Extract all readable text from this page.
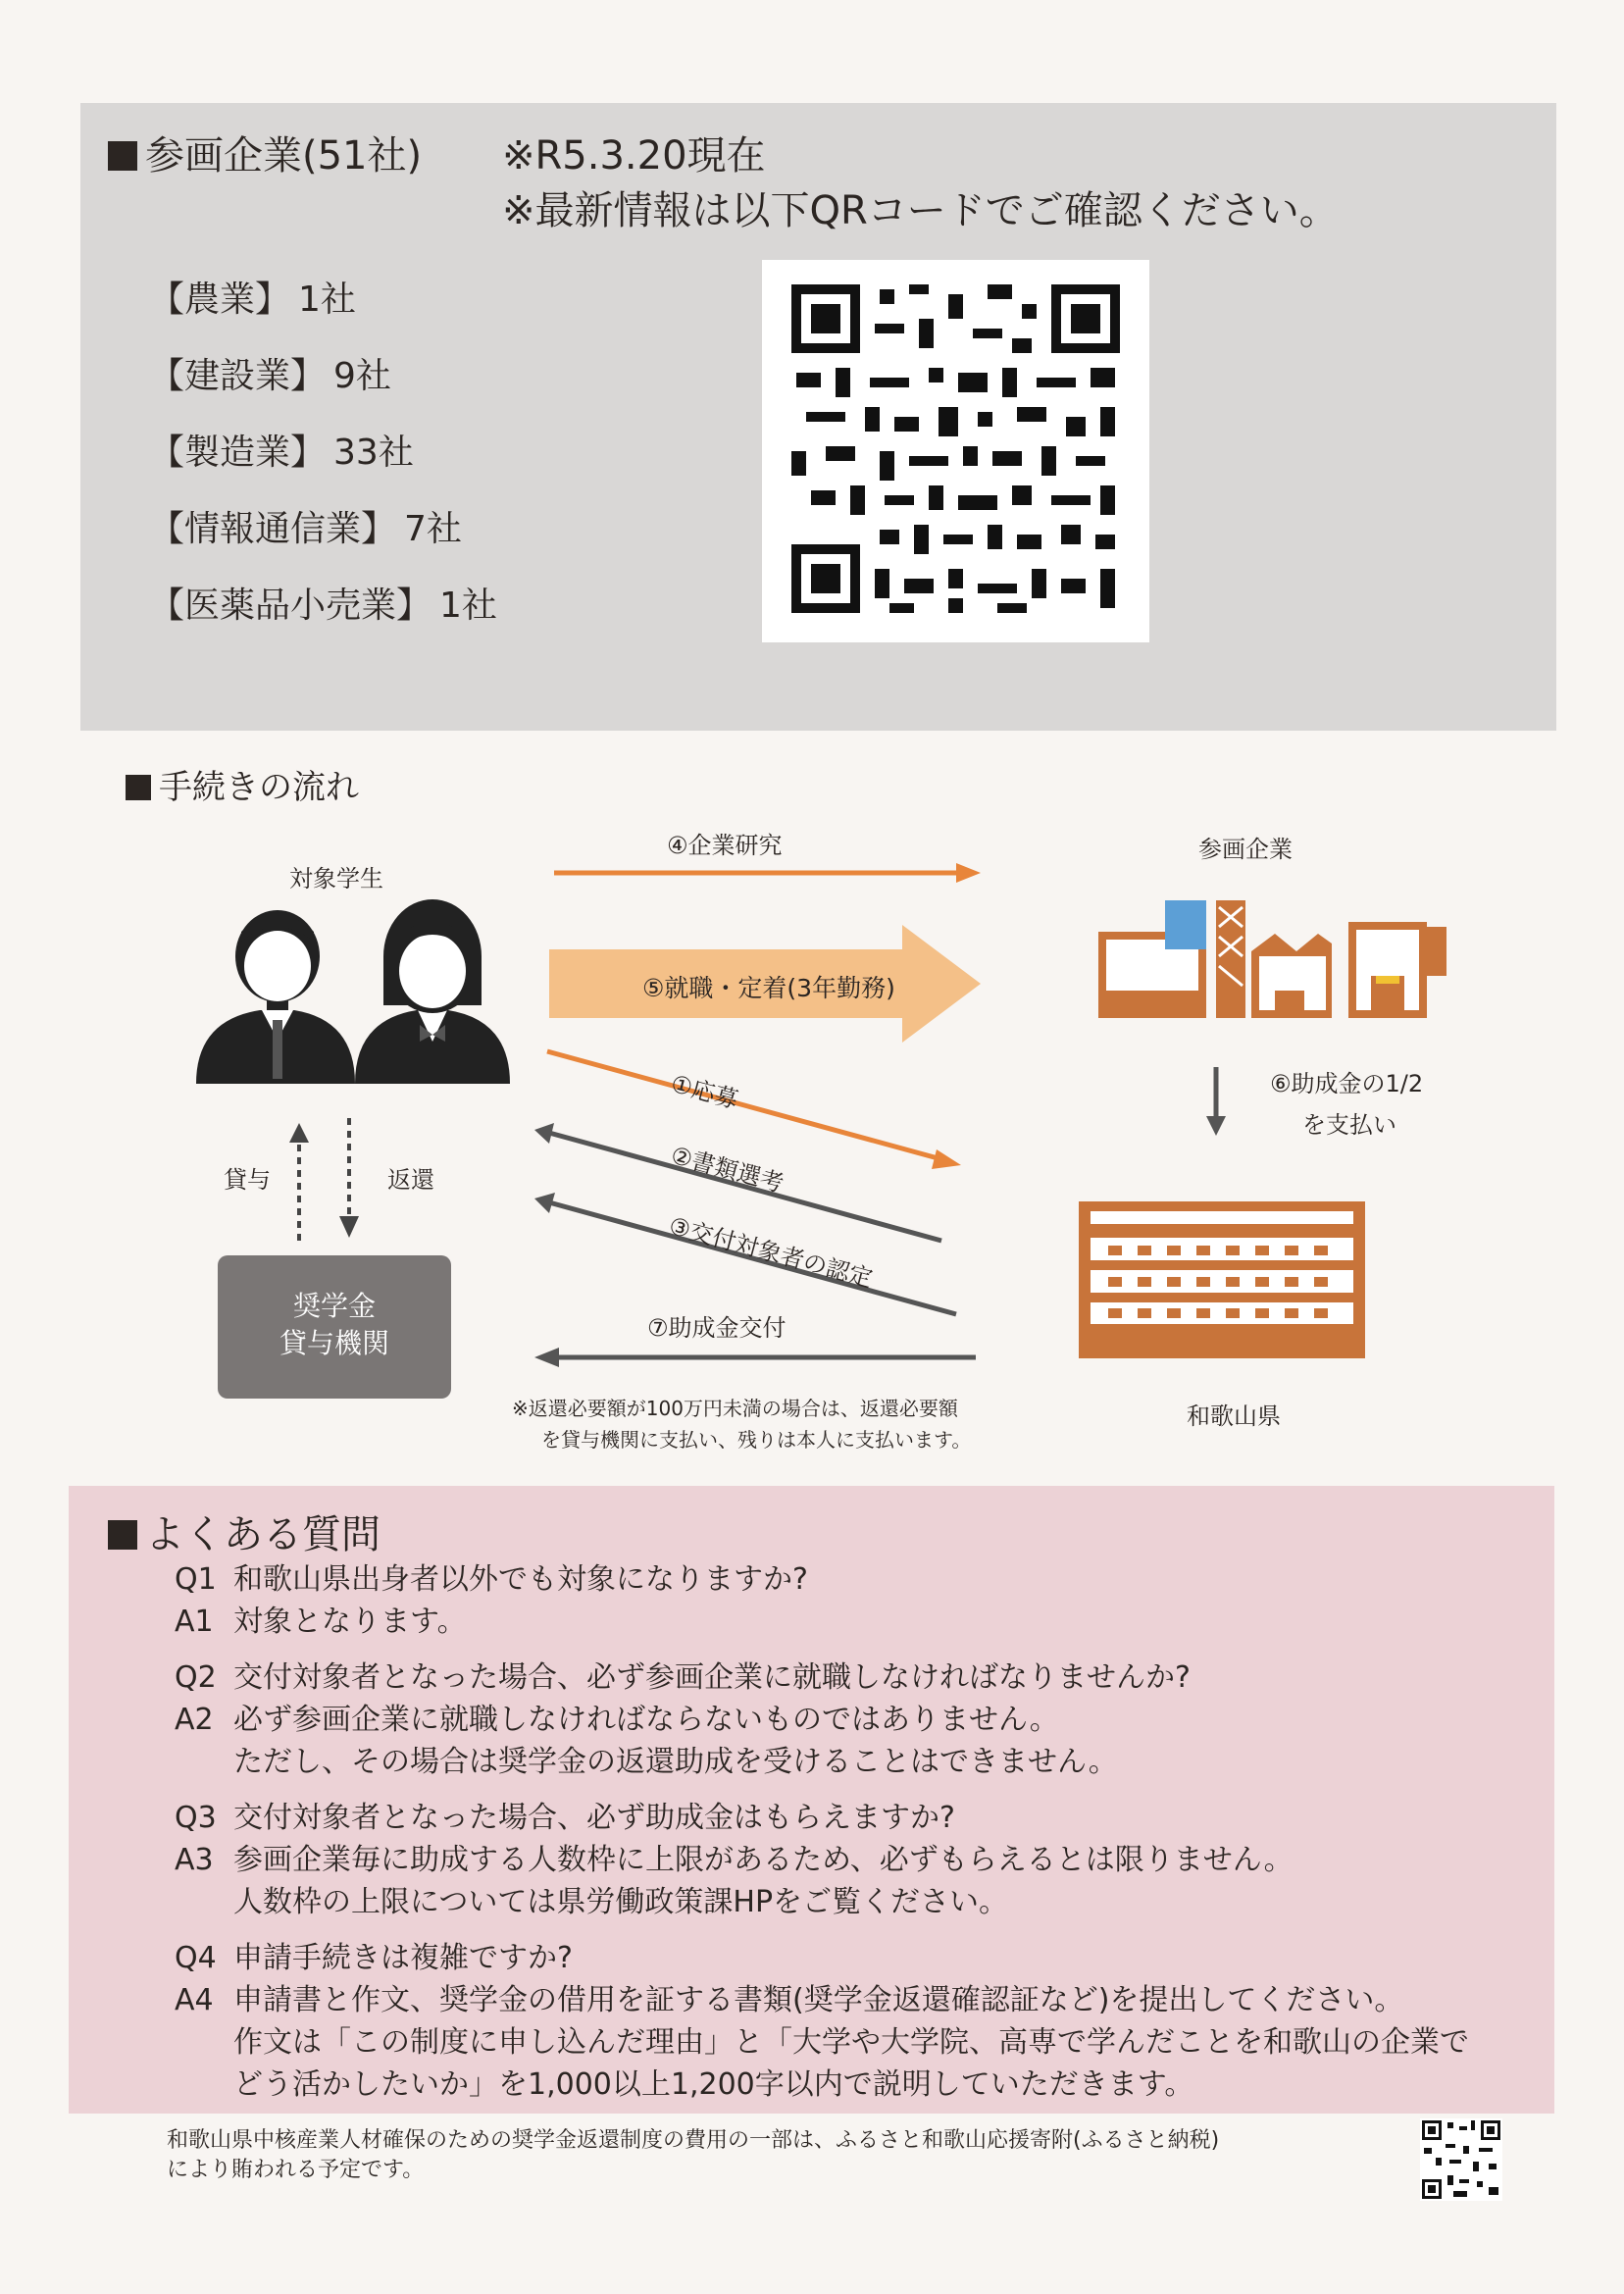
参画企業(51社) ※R5.3.20現在
※最新情報は以下QRコードでご確認ください。
【農業】 1社
【建設業】 9社
【製造業】 33社
【情報通信業】 7社
【医薬品小売業】 1社
手続きの流れ
対象学生
参画企業
和歌山県
④企業研究
⑤就職・定着(3年勤務)
①応募
②書類選考
③交付対象者の認定
⑦助成金交付
⑥助成金の1/2
を支払い
貸与	返還
奨学金
貸与機関
※返還必要額が100万円未満の場合は、返還必要額
を貸与機関に支払い、残りは本人に支払います。
よくある質問
Q1 和歌山県出身者以外でも対象になりますか?
A1 対象となります。
Q2 交付対象者となった場合、必ず参画企業に就職しなければなりませんか?
A2 必ず参画企業に就職しなければならないものではありません。
ただし、その場合は奨学金の返還助成を受けることはできません。
Q3 交付対象者となった場合、必ず助成金はもらえますか?
A3 参画企業毎に助成する人数枠に上限があるため、必ずもらえるとは限りません。
人数枠の上限については県労働政策課HPをご覧ください。
Q4 申請手続きは複雑ですか?
A4 申請書と作文、奨学金の借用を証する書類(奨学金返還確認証など)を提出してください。
作文は「この制度に申し込んだ理由」と「大学や大学院、高専で学んだことを和歌山の企業で
どう活かしたいか」を1,000以上1,200字以内で説明していただきます。
和歌山県中核産業人材確保のための奨学金返還制度の費用の一部は、ふるさと和歌山応援寄附(ふるさと納税)
により賄われる予定です。
